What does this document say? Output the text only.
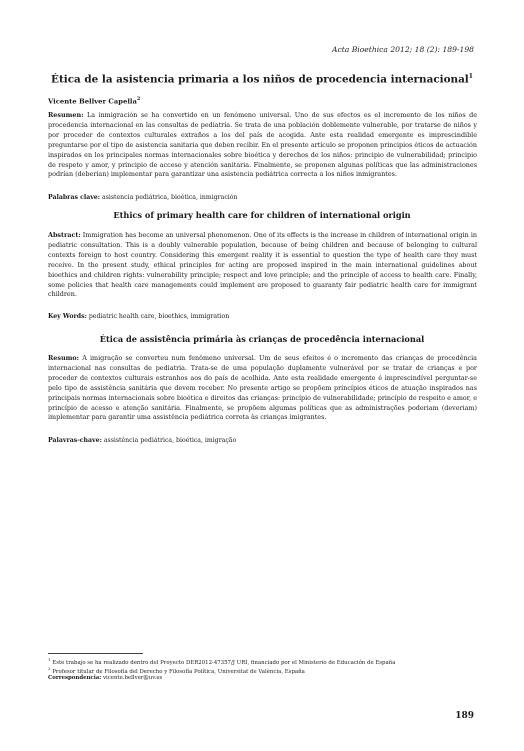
Acta Bioethica 2012; 18 (2): 189-198
Ética de la asistencia primaria a los niños de procedencia internacional$^1$
Vicente Bellver Capella$^2$
Resumen: La inmigración se ha convertido en un fenómeno universal. Uno de sus efectos es el incremento de los niños de procedencia internacional en las consultas de pediatría. Se trata de una población doblemente vulnerable, por tratarse de niños y por proceder de contextos culturales extraños a los del país de acogida. Ante esta realidad emergente es imprescindible preguntarse por el tipo de asistencia sanitaria que deben recibir. En el presente artículo se proponen principios éticos de actuación inspirados en los principales normas internacionales sobre bioética y derechos de los niños: principio de vulnerabilidad; principio de respeto y amor, y principio de acceso y atención sanitaria. Finalmente, se proponen algunas políticas que las administraciones podrían (deberían) implementar para garantizar una asistencia pediátrica correcta a los niños inmigrantes.
Palabras clave: asistencia pediátrica, bioética, inmigración
Ethics of primary health care for children of international origin
Abstract: Immigration has become an universal phenomenon. One of its effects is the increase in children of international origin in pediatric consultation. This is a doubly vulnerable population, because of being children and because of belonging to cultural contexts foreign to host country. Considering this emergent reality it is essential to question the type of health care they must receive. In the present study, ethical principles for acting are proposed inspired in the main international guidelines about bioethics and children rights: vulnerability principle; respect and love principle; and the principle of access to health care. Finally, some policies that health care managements could implement are proposed to guaranty fair pediatric health care for immigrant children.
Key Words: pediatric health care, bioethics, immigration
Ética de assistência primária às crianças de procedência internacional
Resumo: A imigração se converteu num fenômeno universal. Um de seus efeitos é o incremento das crianças de procedência internacional nas consultas de pediatria. Trata-se de uma população duplamente vulnerável por se tratar de crianças e por proceder de contextos culturais estranhos aos do país de acolhida. Ante esta realidade emergente é imprescindível perguntar-se pelo tipo de assistência sanitária que devem receber. No presente artigo se propõem princípios éticos de atuação inspirados nas principais normas internacionais sobre bioética e direitos das crianças: princípio de vulnerabilidade; princípio de respeito e amor, e princípio de acesso e atenção sanitária. Finalmente, se propõem algumas políticas que as administrações poderiam (deveriam) implementar para garantir uma assistência pediátrica correta às crianças imigrantes.
Palavras-chave: assistência pediátrica, bioética, imigração
$^1$ Este trabajo se ha realizado dentro del Proyecto DER2012-47357/J URI, financiado por el Ministerio de Educación de España
$^2$ Profesor titular de Filosofía del Derecho y Filosofía Política, Universitat de València, España
Correspondencia: vicente.bellver@uv.es
189
